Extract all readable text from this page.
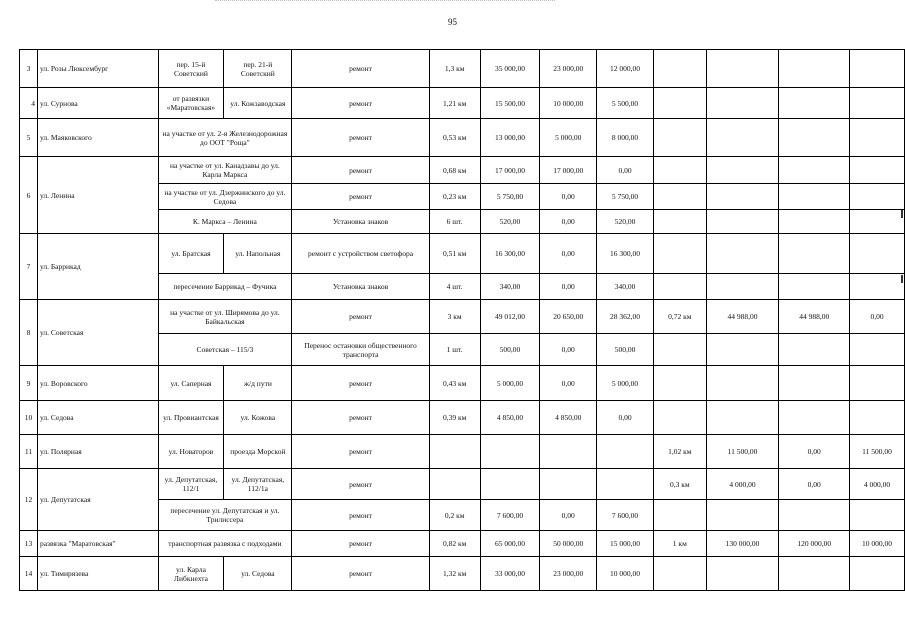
95
3	ул. Розы Люксембург	пер. 15-й Советский	пер. 21-й Советский	ремонт	1,3 км	35 000,00	23 000,00	12 000,00				
4	ул. Сурнова	от развязки «Маратовская»	ул. Кожзаводская	ремонт	1,21 км	15 500,00	10 000,00	5 500,00				
5	ул. Маяковского	на участке от ул. 2-я Железнодорожная до ООТ "Роща"		ремонт	0,53 км	13 000,00	5 000,00	8 000,00				
6	ул. Ленина	на участке от ул. Канадзавы до ул. Карла Маркса		ремонт	0,68 км	17 000,00	17 000,00	0,00				
		на участке от ул. Дзержинского до ул. Седова		ремонт	0,23 км	5 750,00	0,00	5 750,00				
		К. Маркса – Ленина		Установка знаков	6 шт.	520,00	0,00	520,00				
7	ул. Баррикад	ул. Братская	ул. Напольная	ремонт с устройством светофора	0,51 км	16 300,00	0,00	16 300,00				
		пересечение Баррикад – Фучика		Установка знаков	4 шт.	340,00	0,00	340,00				
8	ул. Советская	на участке от ул. Ширямова до ул. Байкальская		ремонт	3 км	49 012,00	20 650,00	28 362,00	0,72 км	44 988,00	44 988,00	0,00
		Советская – 115/3		Перенос остановки общественного транспорта	1 шт.	500,00	0,00	500,00				
9	ул. Воровского	ул. Саперная	ж/д пути	ремонт	0,43 км	5 000,00	0,00	5 000,00				
10	ул. Седова	ул. Провиантская	ул. Кожова	ремонт	0,39 км	4 850,00	4 850,00	0,00				
11	ул. Полярная	ул. Новаторов	проезда Морской	ремонт					1,02 км	11 500,00	0,00	11 500,00
12	ул. Депутатская	ул. Депутатская, 112/1	ул. Депутатская, 112/1а	ремонт					0,3 км	4 000,00	0,00	4 000,00
		пересечение ул. Депутатская и ул. Трилиссера		ремонт	0,2 км	7 600,00	0,00	7 600,00				
13	развязка "Маратовская"	транспортная развязка с подходами		ремонт	0,82 км	65 000,00	50 000,00	15 000,00	1 км	130 000,00	120 000,00	10 000,00
14	ул. Тимирязева	ул. Карла Либкнехта	ул. Седова	ремонт	1,32 км	33 000,00	23 000,00	10 000,00				
